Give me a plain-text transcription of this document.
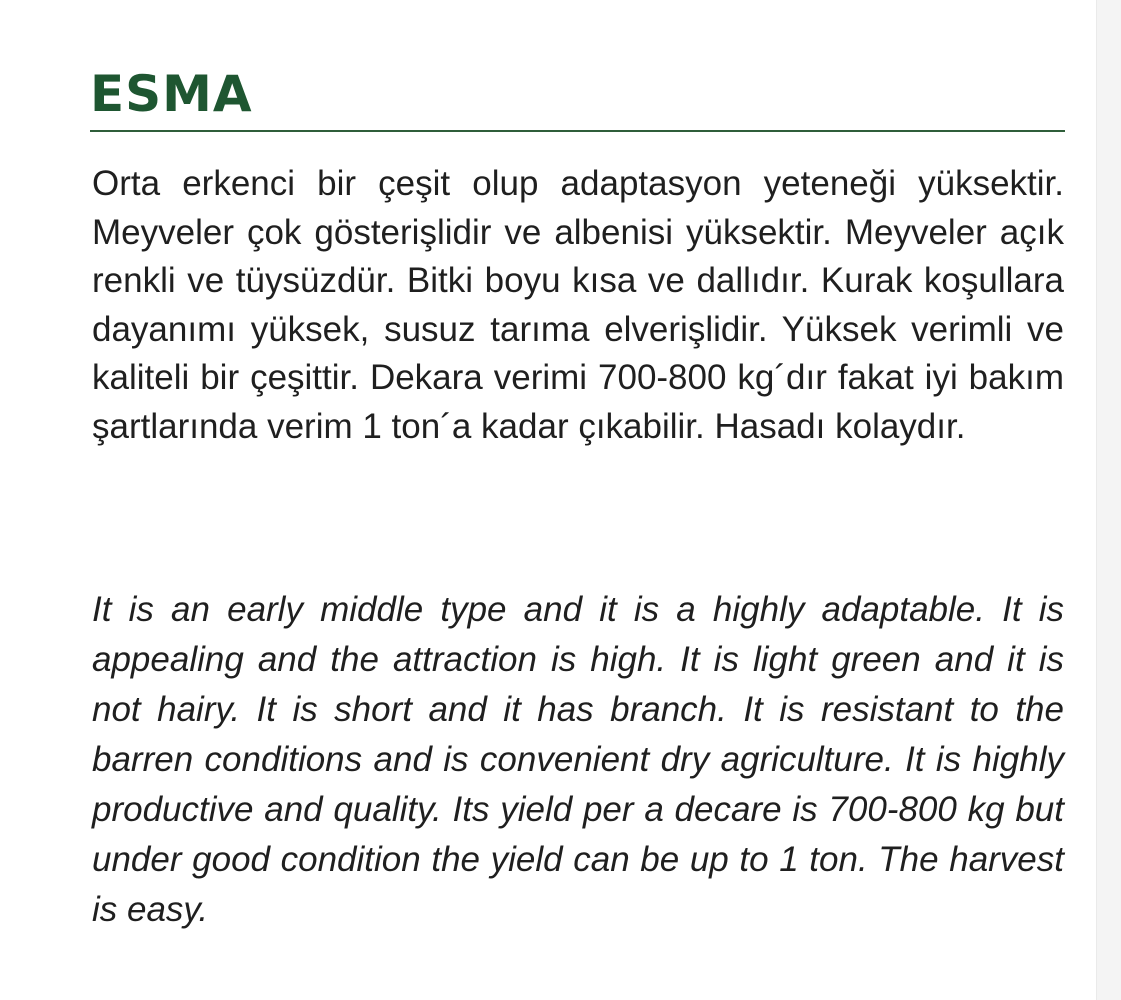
ESMA

Orta erkenci bir çeşit olup adaptasyon yeteneği yüksektir. Meyveler çok gösterişlidir ve albenisi yüksektir. Meyveler açık renkli ve tüysüzdür. Bitki boyu kısa ve dallıdır. Kurak koşullara dayanımı yüksek, susuz tarıma elverişlidir. Yüksek verimli ve kaliteli bir çeşittir. Dekara verimi 700-800 kg´dır fakat iyi bakım şartlarında verim 1 ton´a kadar çıkabilir. Hasadı kolaydır.

It is an early middle type and it is a highly adaptable. It is appealing and the attraction is high. It is light green and it is not hairy. It is short and it has branch. It is resistant to the barren conditions and is convenient dry agriculture. It is highly productive and quality. Its yield per a decare is 700-800 kg but under good condition the yield can be up to 1 ton. The harvest is easy.
